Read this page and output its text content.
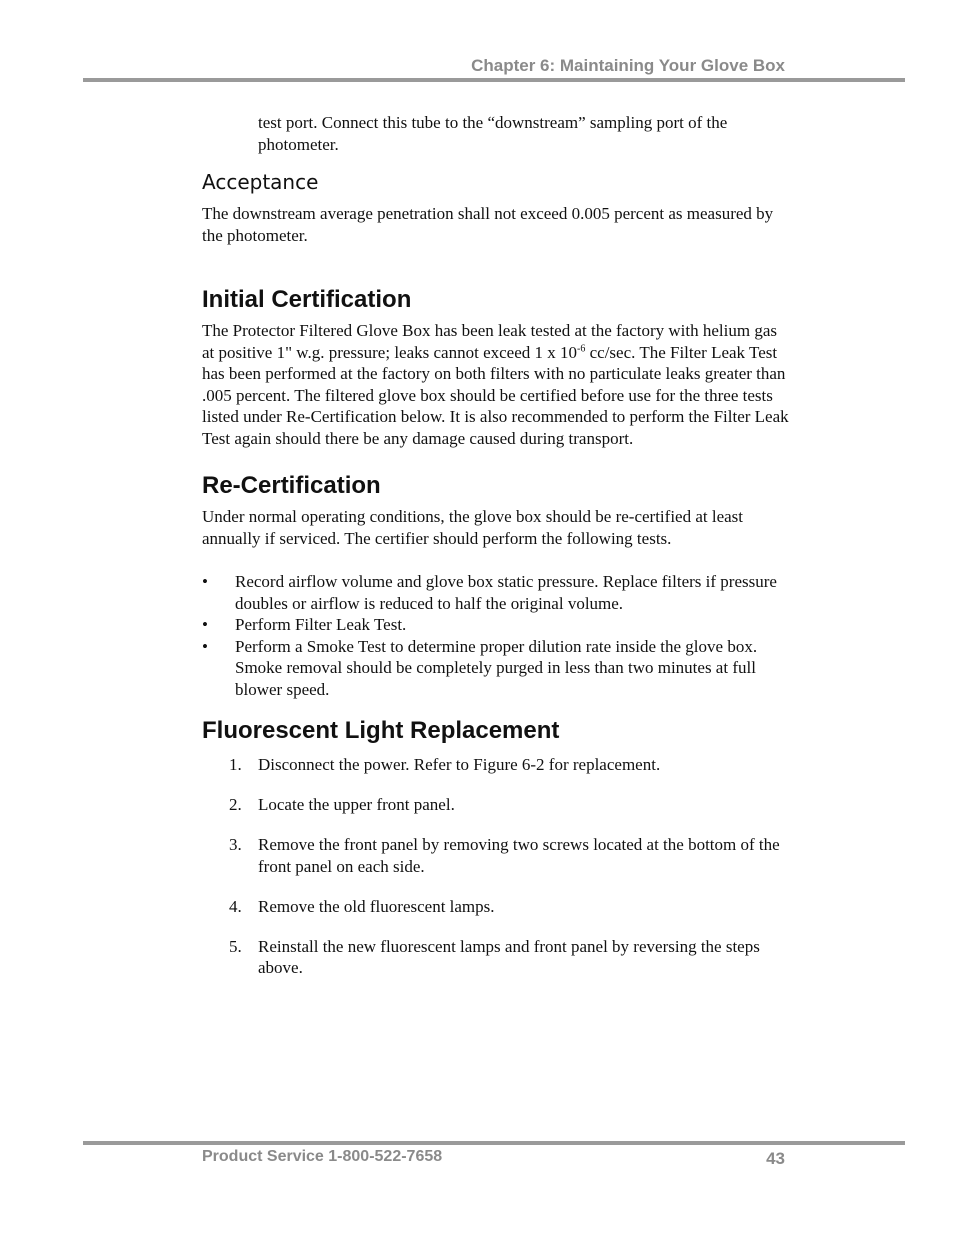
Chapter 6: Maintaining Your Glove Box

test port. Connect this tube to the “downstream” sampling port of the photometer.

Acceptance

The downstream average penetration shall not exceed 0.005 percent as measured by the photometer.

Initial Certification

The Protector Filtered Glove Box has been leak tested at the factory with helium gas at positive 1" w.g. pressure; leaks cannot exceed 1 x $10^{-6}$ cc/sec. The Filter Leak Test has been performed at the factory on both filters with no particulate leaks greater than .005 percent. The filtered glove box should be certified before use for the three tests listed under Re-Certification below. It is also recommended to perform the Filter Leak Test again should there be any damage caused during transport.

Re-Certification

Under normal operating conditions, the glove box should be re-certified at least annually if serviced. The certifier should perform the following tests.

• Record airflow volume and glove box static pressure. Replace filters if pressure doubles or airflow is reduced to half the original volume.
• Perform Filter Leak Test.
• Perform a Smoke Test to determine proper dilution rate inside the glove box. Smoke removal should be completely purged in less than two minutes at full blower speed.
Fluorescent Light Replacement
1. Disconnect the power. Refer to Figure 6-2 for replacement.
2. Locate the upper front panel.
3. Remove the front panel by removing two screws located at the bottom of the front panel on each side.
4. Remove the old fluorescent lamps.
5. Reinstall the new fluorescent lamps and front panel by reversing the steps above.
Product Service 1-800-522-7658	43
